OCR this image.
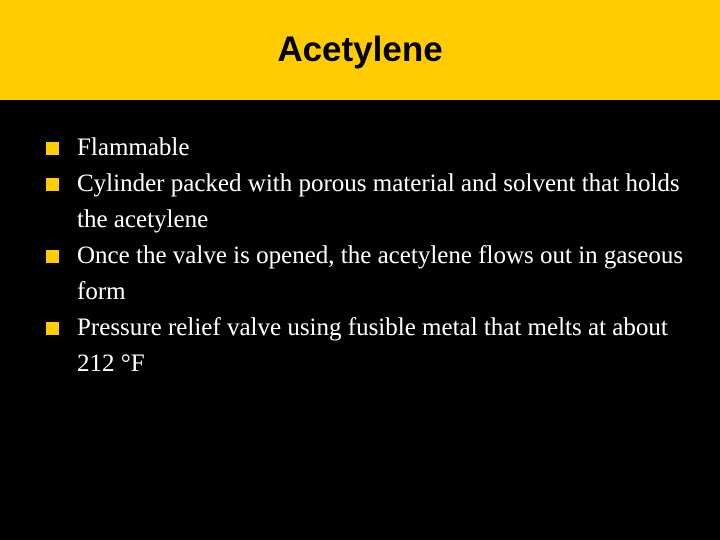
Acetylene
Flammable
Cylinder packed with porous material and solvent that holds the acetylene
Once the valve is opened, the acetylene flows out in gaseous form
Pressure relief valve using fusible metal that melts at about 212 °F
